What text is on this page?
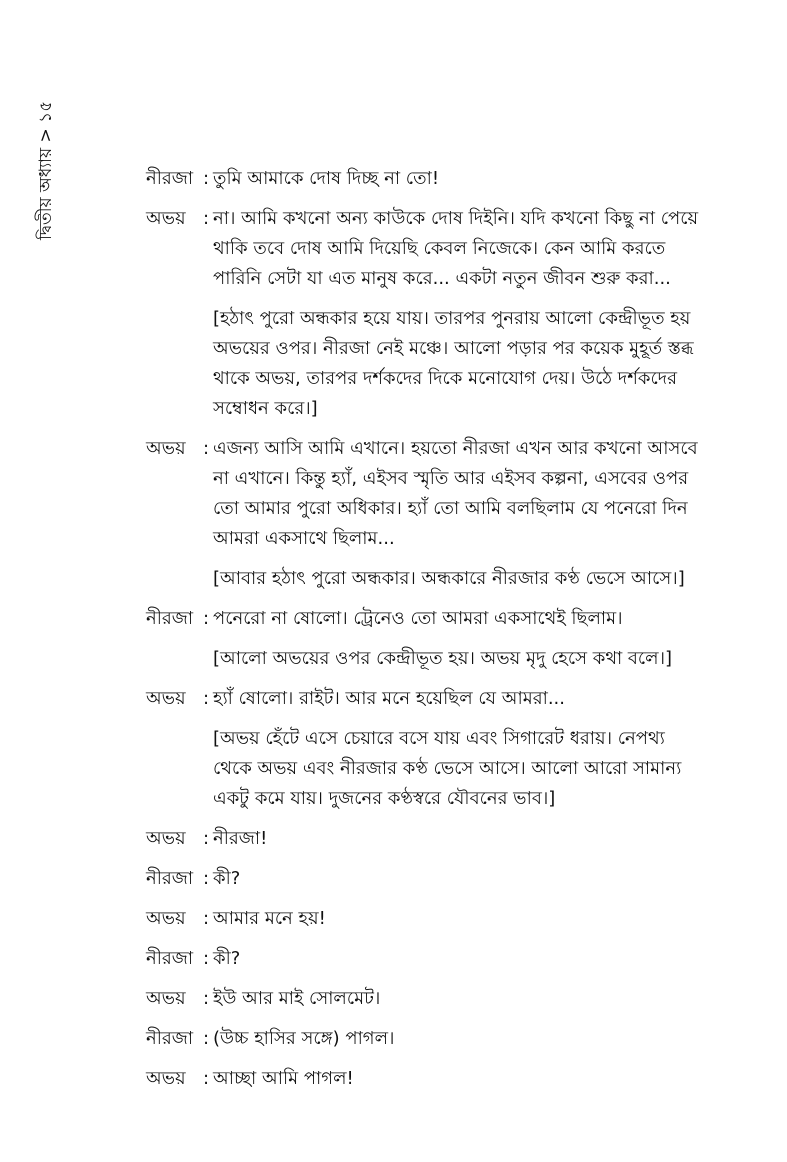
দ্বিতীয় অধ্যায় > ১৫	নীরজা : তুমি আমাকে দোষ দিচ্ছ না তো!
অভয় : না। আমি কখনো অন্য কাউকে দোষ দিইনি। যদি কখনো কিছু না পেয়ে থাকি তবে দোষ আমি দিয়েছি কেবল নিজেকে। কেন আমি করতে পারিনি সেটা যা এত মানুষ করে... একটা নতুন জীবন শুরু করা...
[হঠাৎ পুরো অন্ধকার হয়ে যায়। তারপর পুনরায় আলো কেন্দ্রীভূত হয় অভয়ের ওপর। নীরজা নেই মঞ্চে। আলো পড়ার পর কয়েক মুহূর্ত স্তব্ধ থাকে অভয়, তারপর দর্শকদের দিকে মনোযোগ দেয়। উঠে দর্শকদের সম্বোধন করে।]
অভয় : এজন্য আসি আমি এখানে। হয়তো নীরজা এখন আর কখনো আসবে না এখানে। কিন্তু হ্যাঁ, এইসব স্মৃতি আর এইসব কল্পনা, এসবের ওপর তো আমার পুরো অধিকার। হ্যাঁ তো আমি বলছিলাম যে পনেরো দিন আমরা একসাথে ছিলাম...
[আবার হঠাৎ পুরো অন্ধকার। অন্ধকারে নীরজার কণ্ঠ ভেসে আসে।]
নীরজা : পনেরো না ষোলো। ট্রেনেও তো আমরা একসাথেই ছিলাম।
[আলো অভয়ের ওপর কেন্দ্রীভূত হয়। অভয় মৃদু হেসে কথা বলে।]
অভয় : হ্যাঁ ষোলো। রাইট। আর মনে হয়েছিল যে আমরা...
[অভয় হেঁটে এসে চেয়ারে বসে যায় এবং সিগারেট ধরায়। নেপথ্য থেকে অভয় এবং নীরজার কণ্ঠ ভেসে আসে। আলো আরো সামান্য একটু কমে যায়। দুজনের কণ্ঠস্বরে যৌবনের ভাব।]
অভয় : নীরজা!
নীরজা : কী?
অভয় : আমার মনে হয়!
নীরজা : কী?
অভয় : ইউ আর মাই সোলমেট।
নীরজা : (উচ্চ হাসির সঙ্গে) পাগল।
অভয় : আচ্ছা আমি পাগল!
